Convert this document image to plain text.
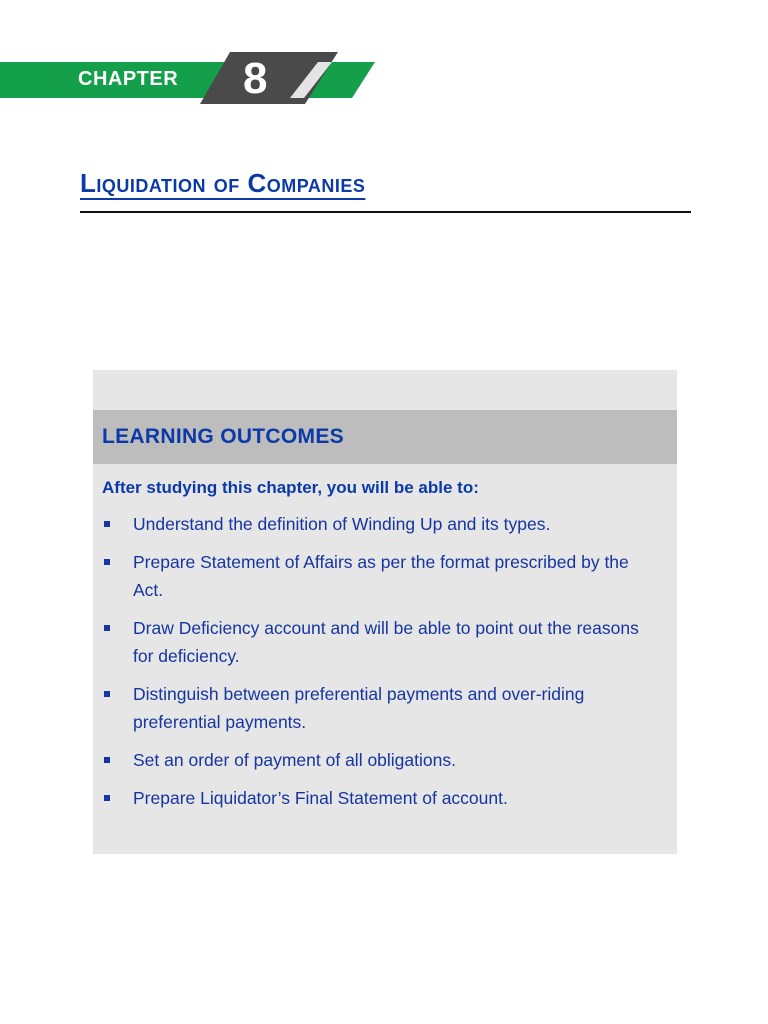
CHAPTER 8
Liquidation of Companies
LEARNING OUTCOMES
After studying this chapter, you will be able to:
Understand the definition of Winding Up and its types.
Prepare Statement of Affairs as per the format prescribed by the Act.
Draw Deficiency account and will be able to point out the reasons for deficiency.
Distinguish between preferential payments and over-riding preferential payments.
Set an order of payment of all obligations.
Prepare Liquidator’s Final Statement of account.
